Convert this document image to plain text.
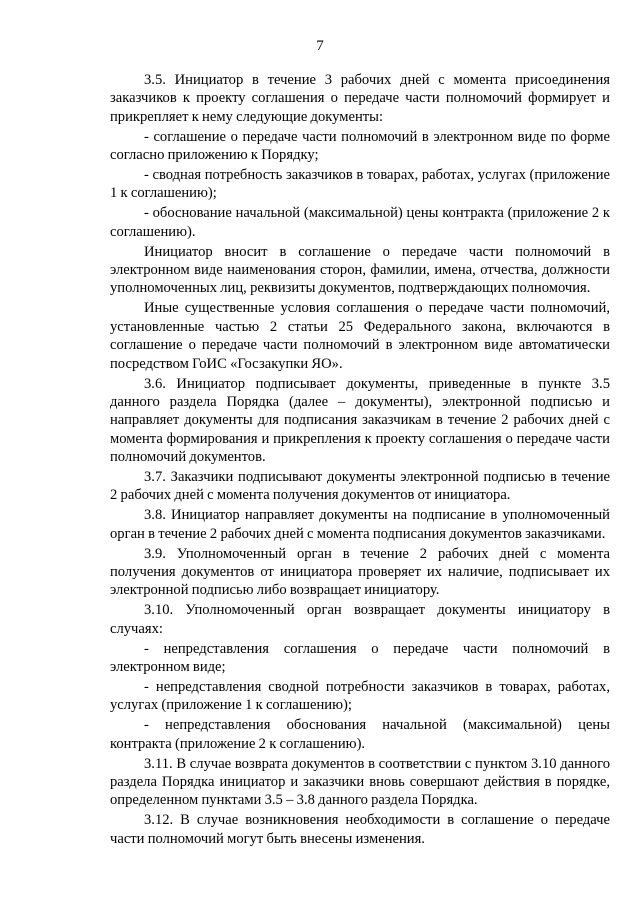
7

3.5. Инициатор в течение 3 рабочих дней с момента присоединения заказчиков к проекту соглашения о передаче части полномочий формирует и прикрепляет к нему следующие документы:

- соглашение о передаче части полномочий в электронном виде по форме согласно приложению к Порядку;

- сводная потребность заказчиков в товарах, работах, услугах (приложение 1 к соглашению);

- обоснование начальной (максимальной) цены контракта (приложение 2 к соглашению).

Инициатор вносит в соглашение о передаче части полномочий в электронном виде наименования сторон, фамилии, имена, отчества, должности уполномоченных лиц, реквизиты документов, подтверждающих полномочия.

Иные существенные условия соглашения о передаче части полномочий, установленные частью 2 статьи 25 Федерального закона, включаются в соглашение о передаче части полномочий в электронном виде автоматически посредством ГоИС «Госзакупки ЯО».

3.6. Инициатор подписывает документы, приведенные в пункте 3.5 данного раздела Порядка (далее – документы), электронной подписью и направляет документы для подписания заказчикам в течение 2 рабочих дней с момента формирования и прикрепления к проекту соглашения о передаче части полномочий документов.

3.7. Заказчики подписывают документы электронной подписью в течение 2 рабочих дней с момента получения документов от инициатора.

3.8. Инициатор направляет документы на подписание в уполномоченный орган в течение 2 рабочих дней с момента подписания документов заказчиками.

3.9. Уполномоченный орган в течение 2 рабочих дней с момента получения документов от инициатора проверяет их наличие, подписывает их электронной подписью либо возвращает инициатору.

3.10. Уполномоченный орган возвращает документы инициатору в случаях:

- непредставления соглашения о передаче части полномочий в электронном виде;

- непредставления сводной потребности заказчиков в товарах, работах, услугах (приложение 1 к соглашению);

- непредставления обоснования начальной (максимальной) цены контракта (приложение 2 к соглашению).

3.11. В случае возврата документов в соответствии с пунктом 3.10 данного раздела Порядка инициатор и заказчики вновь совершают действия в порядке, определенном пунктами 3.5 – 3.8 данного раздела Порядка.

3.12. В случае возникновения необходимости в соглашение о передаче части полномочий могут быть внесены изменения.
